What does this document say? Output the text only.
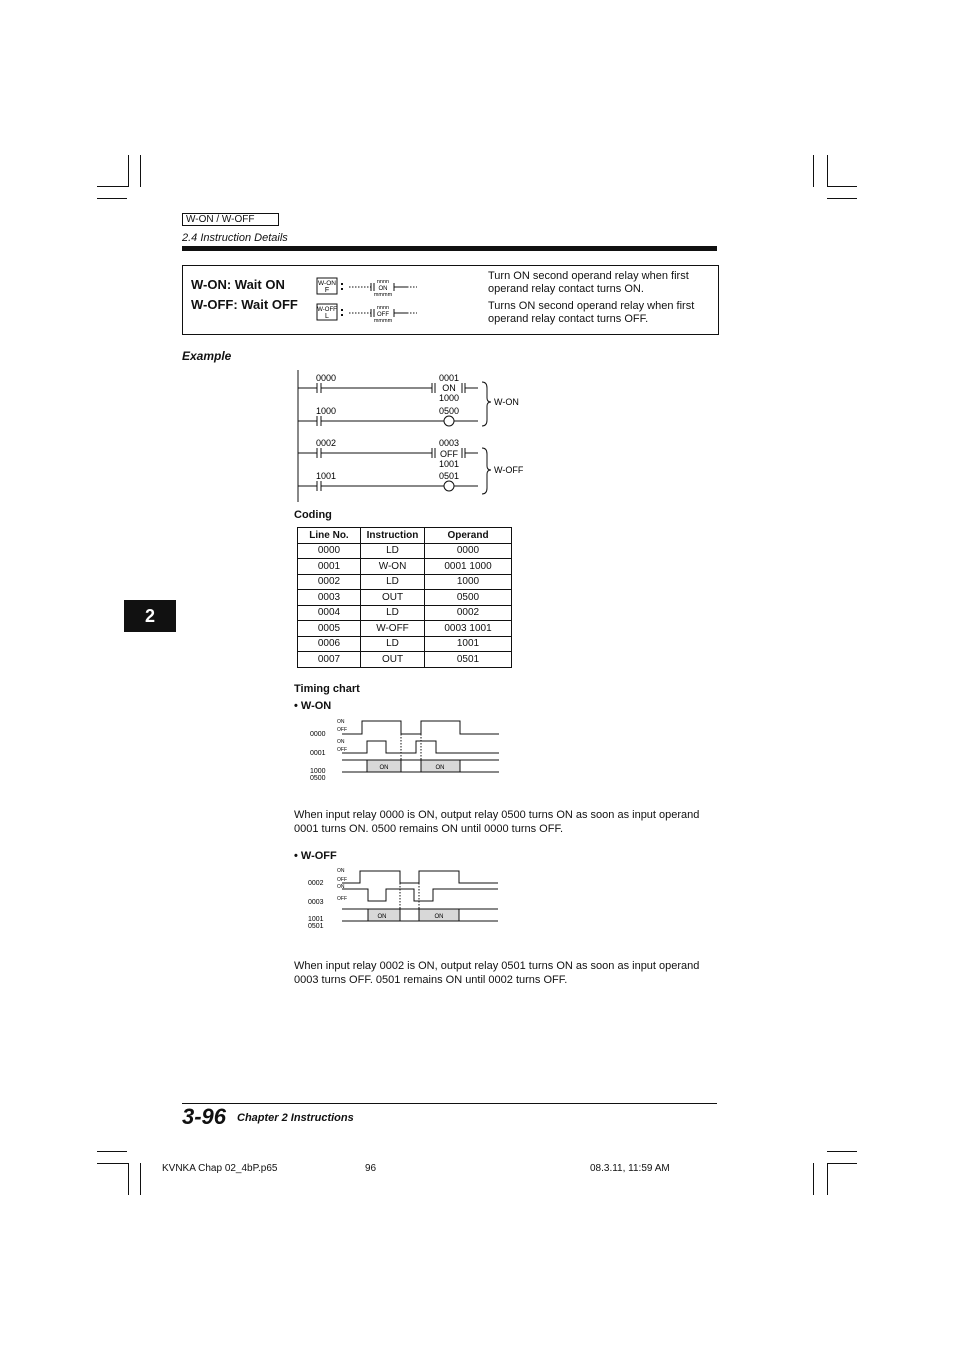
W-ON / W-OFF
2.4 Instruction Details
W-ON: Wait ON
W-OFF: Wait OFF
W-ON
F
nnnn
ON
mmmm
W-OFF
L
nnnn
OFF
mmmm
Turn ON second operand relay when first operand relay contact turns ON.
Turns ON second operand relay when first operand relay contact turns OFF.
Example
0000	0001
ON
1000
1000	0500
W-ON
0002	0003
OFF
1001
1001	0501
W-OFF
Coding
Line No.	Instruction	Operand
0000	LD	0000
0001	W-ON	0001 1000
0002	LD	1000
0003	OUT	0500
0004	LD	0002
0005	W-OFF	0003 1001
0006	LD	1001
0007	OUT	0501
2
Timing chart
• W-ON
0000
ON
OFF
0001
ON
OFF
1000
0500
ON	ON
When input relay 0000 is ON, output relay 0500 turns ON as soon as input operand 0001 turns ON. 0500 remains ON until 0000 turns OFF.
• W-OFF
0002
ON
OFF
0003
ON
OFF
1001
0501
ON	ON
When input relay 0002 is ON, output relay 0501 turns ON as soon as input operand 0003 turns OFF. 0501 remains ON until 0002 turns OFF.
3-96 Chapter 2 Instructions
KVNKA Chap 02_4bP.p65	96	08.3.11, 11:59 AM
